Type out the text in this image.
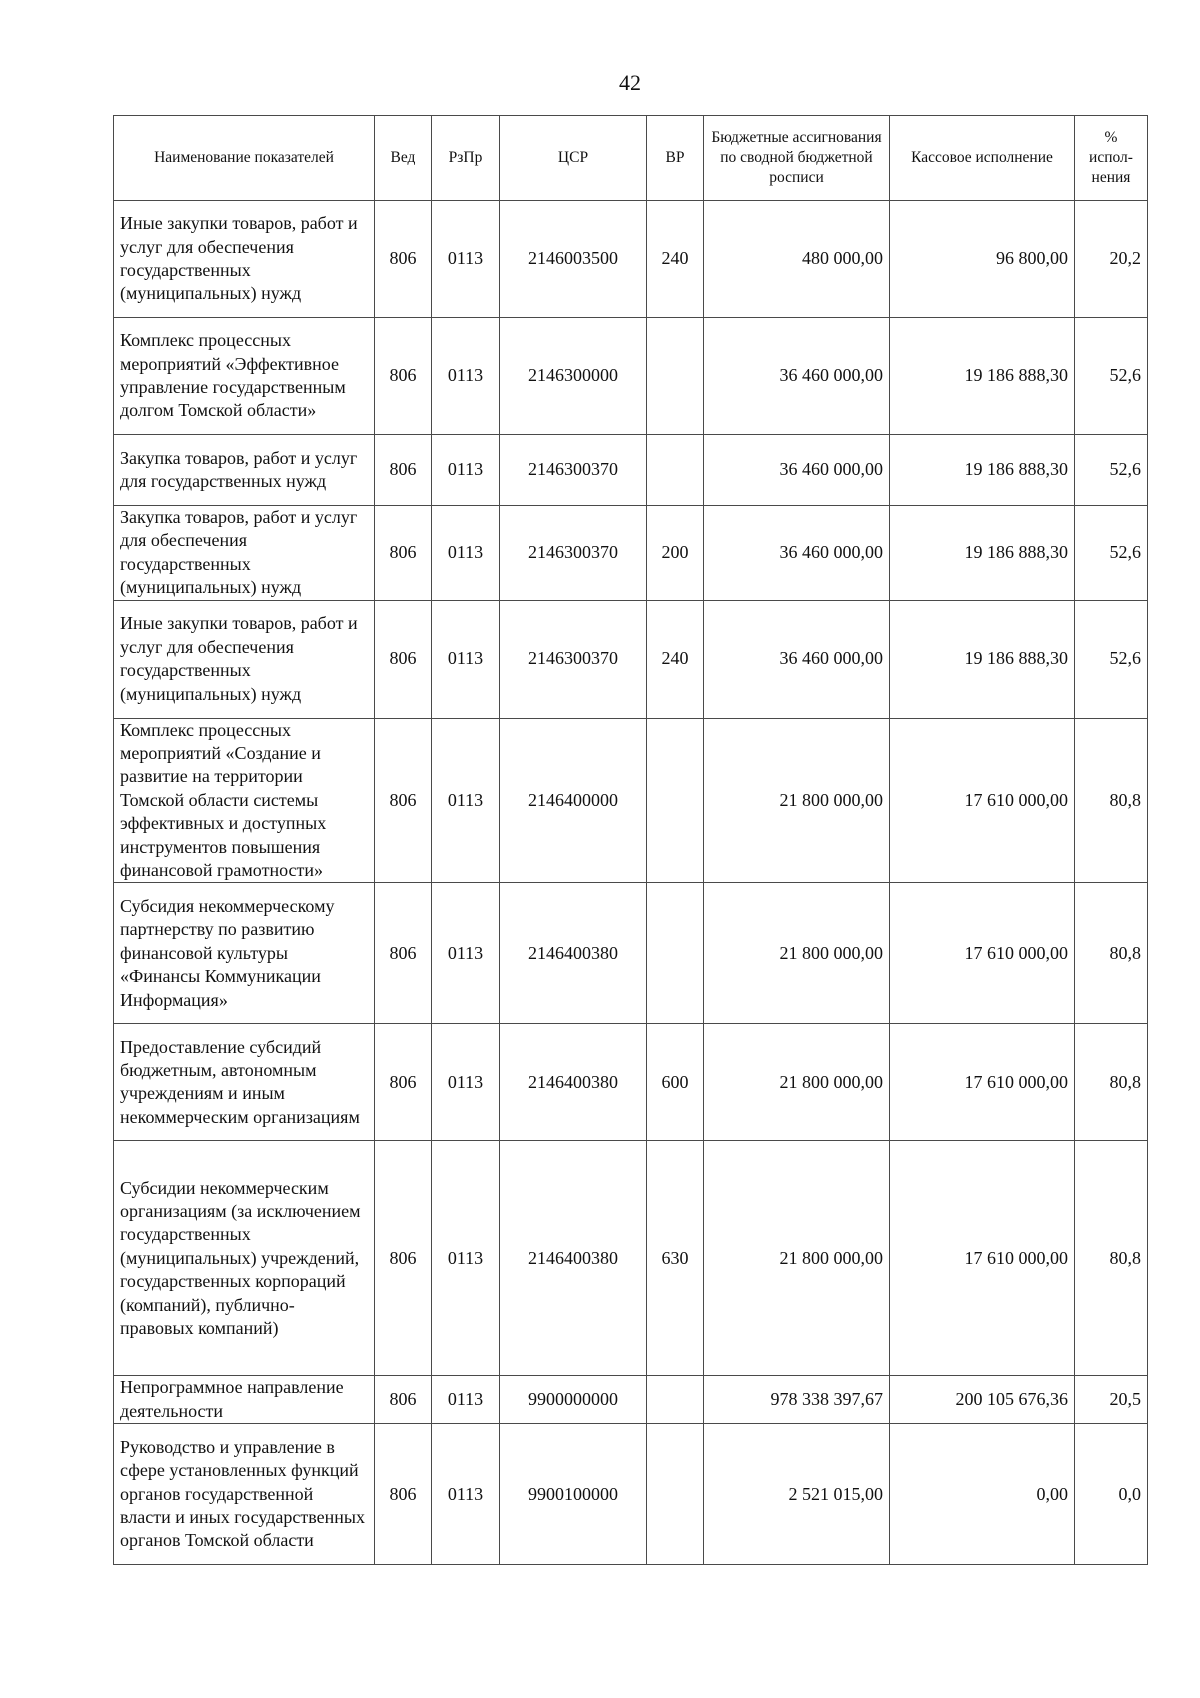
42
Наименование показателей	Вед	РзПр	ЦСР	ВР	Бюджетные ассигнования по сводной бюджетной росписи	Кассовое исполнение	% испол-нения
Иные закупки товаров, работ и услуг для обеспечения государственных (муниципальных) нужд	806	0113	2146003500	240	480 000,00	96 800,00	20,2
Комплекс процессных мероприятий «Эффективное управление государственным долгом Томской области»	806	0113	2146300000		36 460 000,00	19 186 888,30	52,6
Закупка товаров, работ и услуг для государственных нужд	806	0113	2146300370		36 460 000,00	19 186 888,30	52,6
Закупка товаров, работ и услуг для обеспечения государственных (муниципальных) нужд	806	0113	2146300370	200	36 460 000,00	19 186 888,30	52,6
Иные закупки товаров, работ и услуг для обеспечения государственных (муниципальных) нужд	806	0113	2146300370	240	36 460 000,00	19 186 888,30	52,6
Комплекс процессных мероприятий «Создание и развитие на территории Томской области системы эффективных и доступных инструментов повышения финансовой грамотности»	806	0113	2146400000		21 800 000,00	17 610 000,00	80,8
Субсидия некоммерческому партнерству по развитию финансовой культуры «Финансы Коммуникации Информация»	806	0113	2146400380		21 800 000,00	17 610 000,00	80,8
Предоставление субсидий бюджетным, автономным учреждениям и иным некоммерческим организациям	806	0113	2146400380	600	21 800 000,00	17 610 000,00	80,8
Субсидии некоммерческим организациям (за исключением государственных (муниципальных) учреждений, государственных корпораций (компаний), публично-правовых компаний)	806	0113	2146400380	630	21 800 000,00	17 610 000,00	80,8
Непрограммное направление деятельности	806	0113	9900000000		978 338 397,67	200 105 676,36	20,5
Руководство и управление в сфере установленных функций органов государственной власти и иных государственных органов Томской области	806	0113	9900100000		2 521 015,00	0,00	0,0
